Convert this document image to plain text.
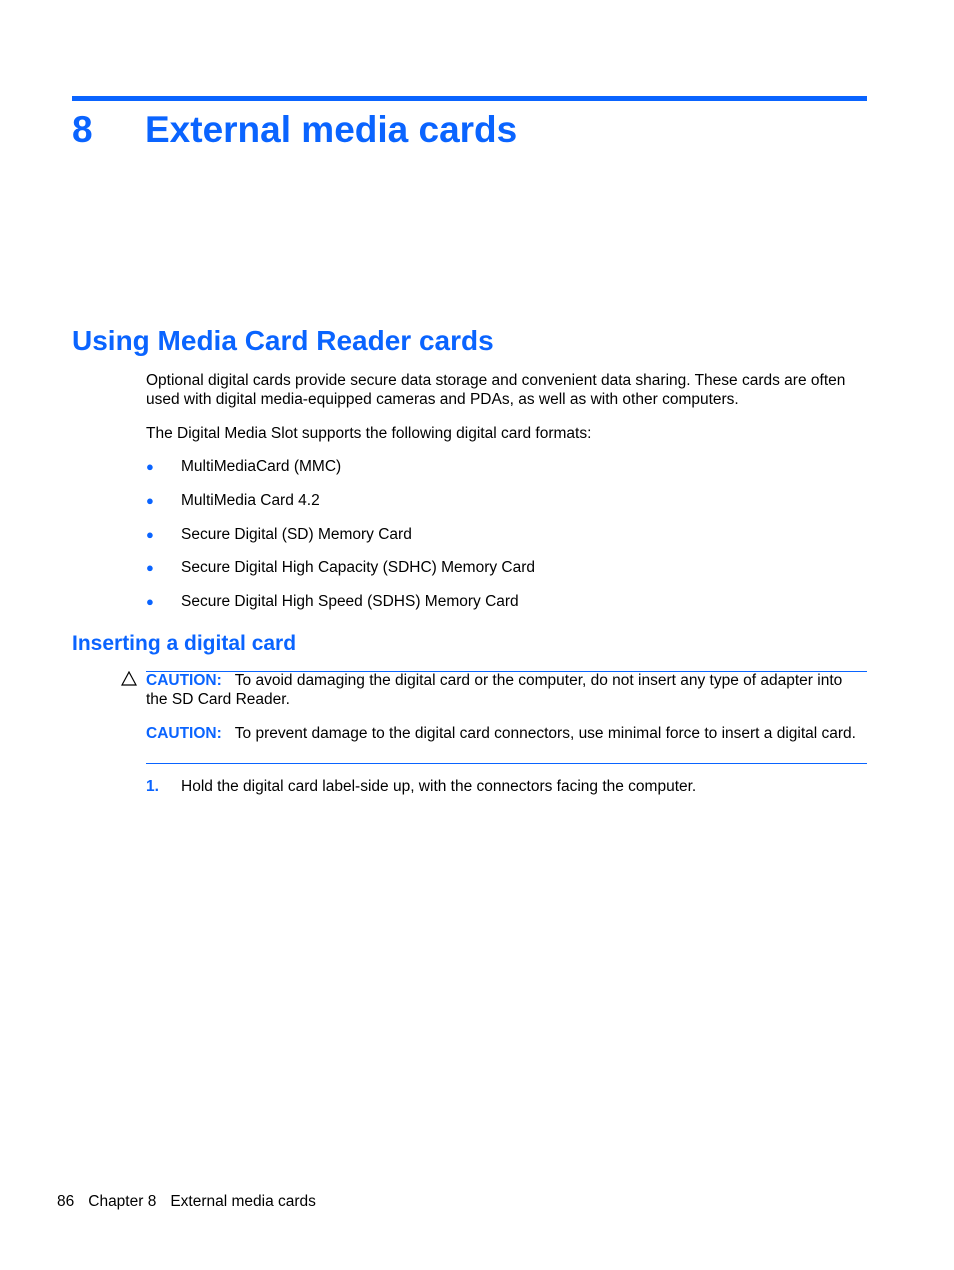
8 External media cards
Using Media Card Reader cards
Optional digital cards provide secure data storage and convenient data sharing. These cards are often used with digital media-equipped cameras and PDAs, as well as with other computers.
The Digital Media Slot supports the following digital card formats:
● MultiMediaCard (MMC)
● MultiMedia Card 4.2
● Secure Digital (SD) Memory Card
● Secure Digital High Capacity (SDHC) Memory Card
● Secure Digital High Speed (SDHS) Memory Card
Inserting a digital card
CAUTION: To avoid damaging the digital card or the computer, do not insert any type of adapter into the SD Card Reader.
CAUTION: To prevent damage to the digital card connectors, use minimal force to insert a digital card.
1. Hold the digital card label-side up, with the connectors facing the computer.
86 Chapter 8 External media cards
